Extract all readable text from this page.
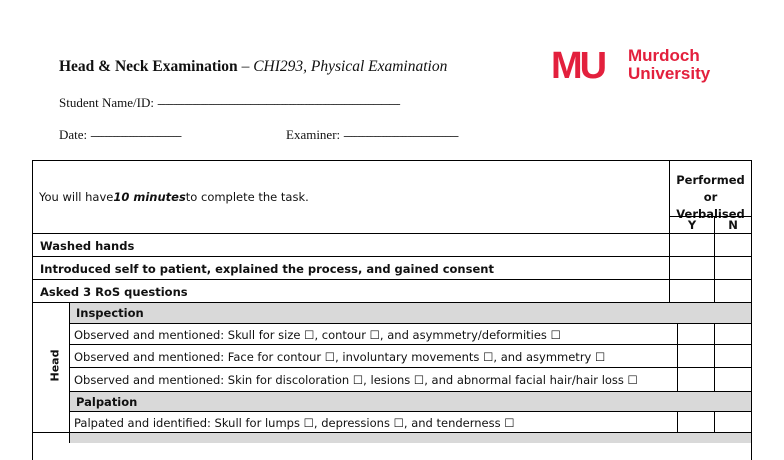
Head & Neck Examination – CHI293, Physical Examination	MU Murdoch
University
Student Name/ID: -------------------------------------------------------------------------------------------
Date: ----------------------------------	Examiner: -------------------------------------------
You will have 10 minutes to complete the task.
Performed
or
Verbalised
Y	N
Washed hands
Introduced self to patient, explained the process, and gained consent
Asked 3 RoS questions
Head
Inspection
Observed and mentioned: Skull for size ☐, contour ☐, and asymmetry/deformities ☐
Observed and mentioned: Face for contour ☐, involuntary movements ☐, and asymmetry ☐
Observed and mentioned: Skin for discoloration ☐, lesions ☐, and abnormal facial hair/hair loss ☐
Palpation
Palpated and identified: Skull for lumps ☐, depressions ☐, and tenderness ☐
